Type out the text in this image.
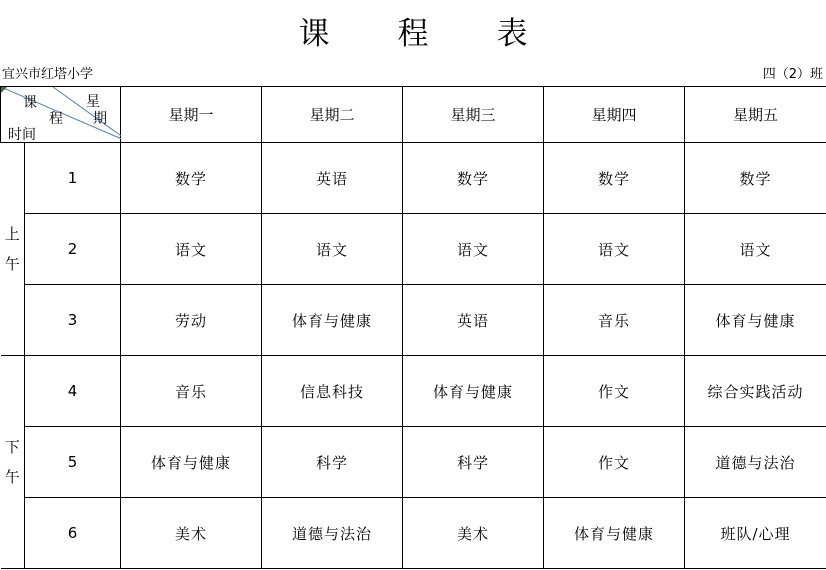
课 程 表
宜兴市红塔小学	四（2）班
课
程
星
期
时间		星期一	星期二	星期三	星期四	星期五

上
午	1	数学	英语	数学	数学	数学
	2	语文	语文	语文	语文	语文
	3	劳动	体育与健康	英语	音乐	体育与健康

下
午	4	音乐	信息科技	体育与健康	作文	综合实践活动
	5	体育与健康	科学	科学	作文	道德与法治
	6	美术	道德与法治	美术	体育与健康	班队/心理
